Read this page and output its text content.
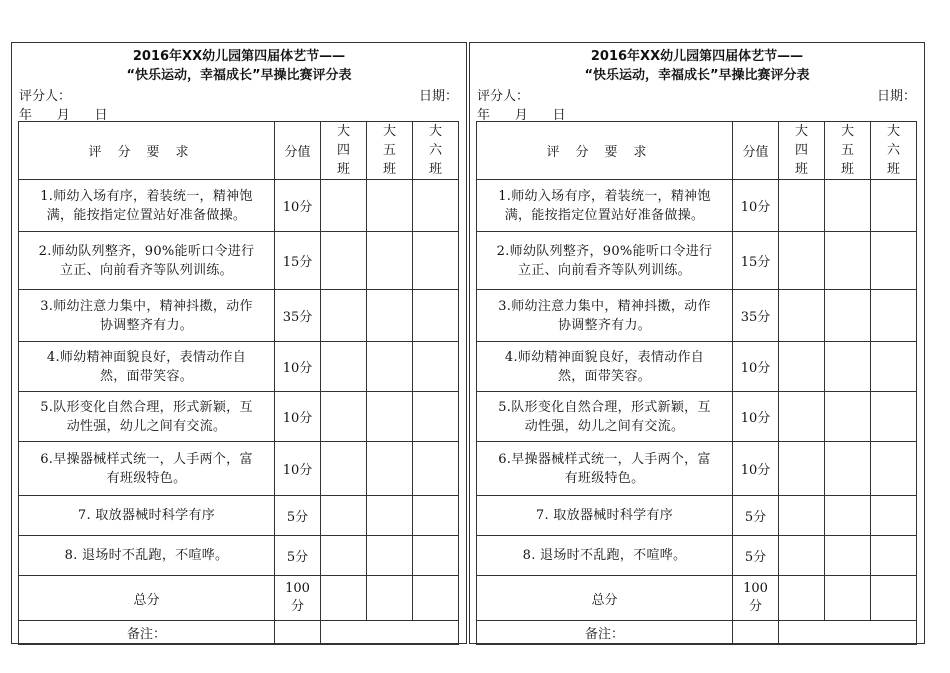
2016年XX幼儿园第四届体艺节——
“快乐运动，幸福成长”早操比赛评分表
评分人：	日期：
年      月      日
评分要求	分值	大
四
班	大
五
班	大
六
班
1.师幼入场有序，着装统一，精神饱
满，能按指定位置站好准备做操。	10分			
2.师幼队列整齐，90%能听口令进行
立正、向前看齐等队列训练。	15分			
3.师幼注意力集中，精神抖擞，动作
协调整齐有力。	35分			
4.师幼精神面貌良好，表情动作自
然，面带笑容。	10分			
5.队形变化自然合理，形式新颖，互
动性强，幼儿之间有交流。	10分			
6.早操器械样式统一，人手两个，富
有班级特色。	10分			
7. 取放器械时科学有序	5分			
8. 退场时不乱跑，不喧哗。	5分			
总分	100
分			
备注：				
2016年XX幼儿园第四届体艺节——
“快乐运动，幸福成长”早操比赛评分表
评分人：	日期：
年      月      日
评分要求	分值	大
四
班	大
五
班	大
六
班
1.师幼入场有序，着装统一，精神饱
满，能按指定位置站好准备做操。	10分			
2.师幼队列整齐，90%能听口令进行
立正、向前看齐等队列训练。	15分			
3.师幼注意力集中，精神抖擞，动作
协调整齐有力。	35分			
4.师幼精神面貌良好，表情动作自
然，面带笑容。	10分			
5.队形变化自然合理，形式新颖，互
动性强，幼儿之间有交流。	10分			
6.早操器械样式统一，人手两个，富
有班级特色。	10分			
7. 取放器械时科学有序	5分			
8. 退场时不乱跑，不喧哗。	5分			
总分	100
分			
备注：				
